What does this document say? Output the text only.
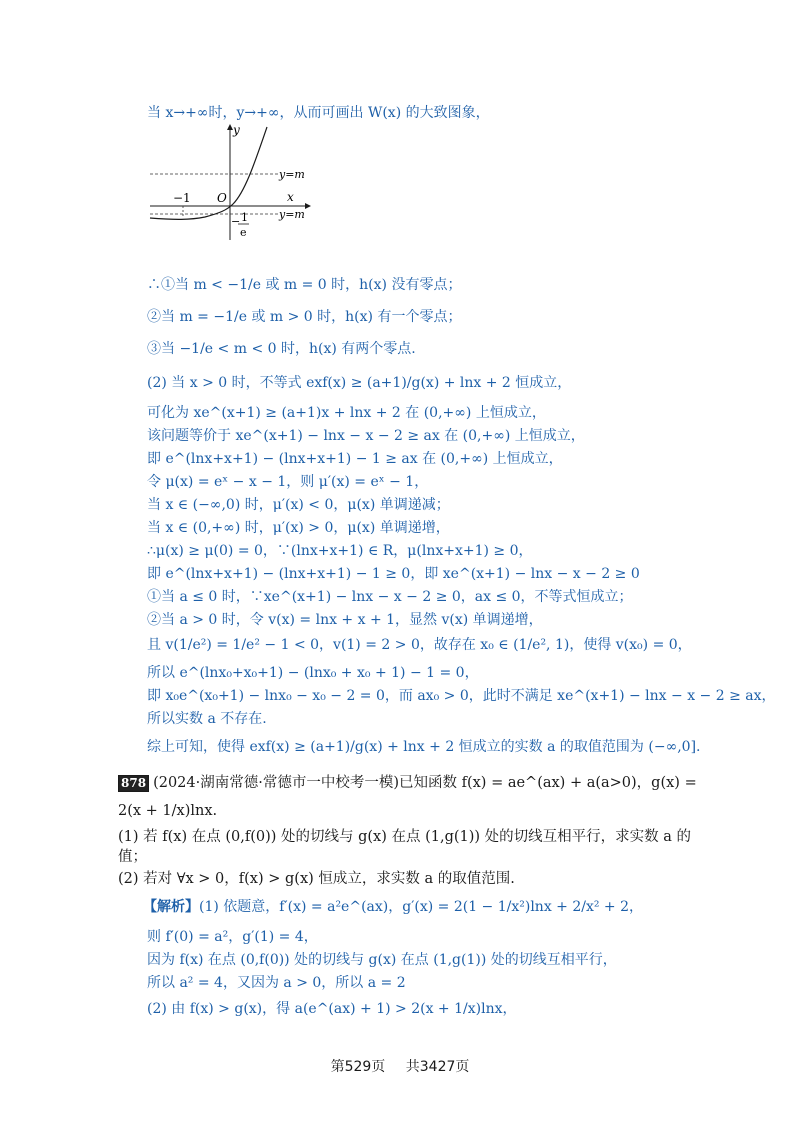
当 x→+∞时，y→+∞，从而可画出 W(x) 的大致图象，
y
x
O
−1
y=m
y=m
− 1
e
∴①当 m < −1/e 或 m = 0 时，h(x) 没有零点；
②当 m = −1/e 或 m > 0 时，h(x) 有一个零点；
③当 −1/e < m < 0 时，h(x) 有两个零点.
(2) 当 x > 0 时，不等式 exf(x) ≥ (a+1)/g(x) + lnx + 2 恒成立，
可化为 xe^(x+1) ≥ (a+1)x + lnx + 2 在 (0,+∞) 上恒成立，
该问题等价于 xe^(x+1) − lnx − x − 2 ≥ ax 在 (0,+∞) 上恒成立，
即 e^(lnx+x+1) − (lnx+x+1) − 1 ≥ ax 在 (0,+∞) 上恒成立，
令 μ(x) = eˣ − x − 1，则 μ′(x) = eˣ − 1，
当 x ∈ (−∞,0) 时，μ′(x) < 0，μ(x) 单调递减；
当 x ∈ (0,+∞) 时，μ′(x) > 0，μ(x) 单调递增，
∴μ(x) ≥ μ(0) = 0，∵(lnx+x+1) ∈ R，μ(lnx+x+1) ≥ 0，
即 e^(lnx+x+1) − (lnx+x+1) − 1 ≥ 0，即 xe^(x+1) − lnx − x − 2 ≥ 0
①当 a ≤ 0 时，∵xe^(x+1) − lnx − x − 2 ≥ 0，ax ≤ 0，不等式恒成立；
②当 a > 0 时，令 v(x) = lnx + x + 1，显然 v(x) 单调递增，
且 v(1/e²) = 1/e² − 1 < 0，v(1) = 2 > 0，故存在 x₀ ∈ (1/e², 1)，使得 v(x₀) = 0，
所以 e^(lnx₀+x₀+1) − (lnx₀ + x₀ + 1) − 1 = 0，
即 x₀e^(x₀+1) − lnx₀ − x₀ − 2 = 0，而 ax₀ > 0，此时不满足 xe^(x+1) − lnx − x − 2 ≥ ax，
所以实数 a 不存在.
综上可知，使得 exf(x) ≥ (a+1)/g(x) + lnx + 2 恒成立的实数 a 的取值范围为 (−∞,0].
878 (2024·湖南常德·常德市一中校考一模)已知函数 f(x) = ae^(ax) + a(a>0)，g(x) =
2(x + 1/x)lnx.
(1) 若 f(x) 在点 (0,f(0)) 处的切线与 g(x) 在点 (1,g(1)) 处的切线互相平行，求实数 a 的
值；
(2) 若对 ∀x > 0，f(x) > g(x) 恒成立，求实数 a 的取值范围.
【解析】(1) 依题意，f′(x) = a²e^(ax)，g′(x) = 2(1 − 1/x²)lnx + 2/x² + 2，
则 f′(0) = a²，g′(1) = 4，
因为 f(x) 在点 (0,f(0)) 处的切线与 g(x) 在点 (1,g(1)) 处的切线互相平行，
所以 a² = 4，又因为 a > 0，所以 a = 2
(2) 由 f(x) > g(x)，得 a(e^(ax) + 1) > 2(x + 1/x)lnx，
第529页 共3427页
